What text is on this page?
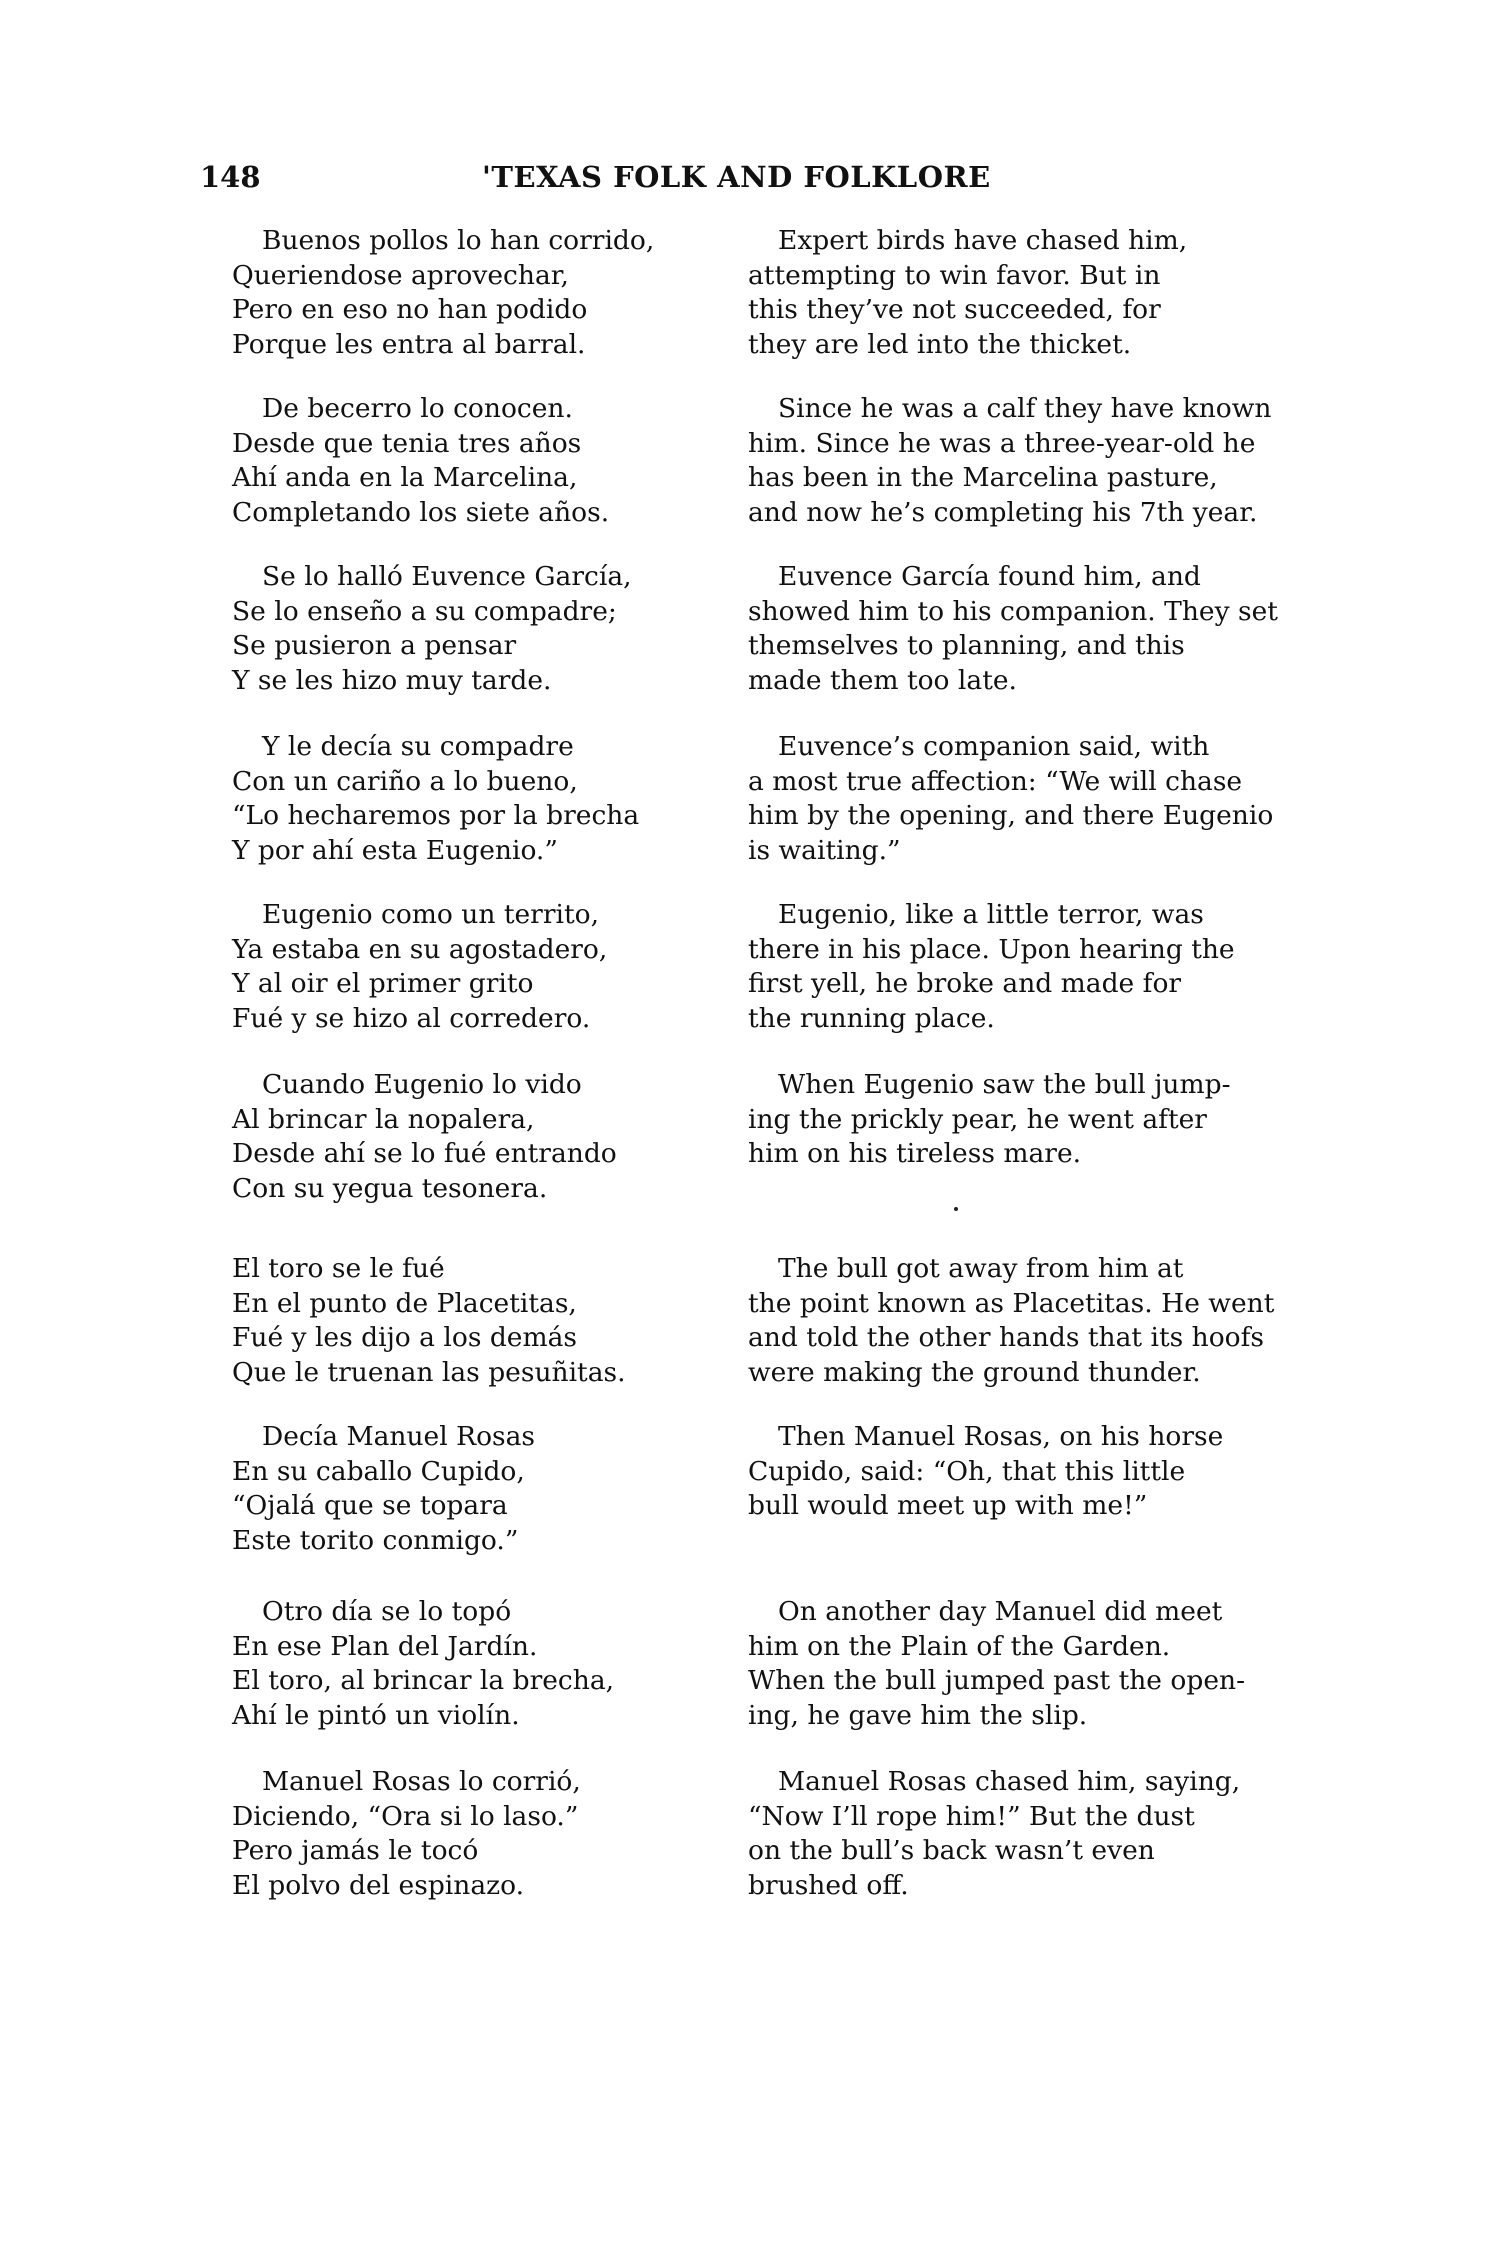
148	'TEXAS FOLK AND FOLKLORE
Buenos pollos lo han corrido,
Queriendose aprovechar,
Pero en eso no han podido
Porque les entra al barral.
De becerro lo conocen.
Desde que tenia tres años
Ahí anda en la Marcelina,
Completando los siete años.
Se lo halló Euvence García,
Se lo enseño a su compadre;
Se pusieron a pensar
Y se les hizo muy tarde.
Y le decía su compadre
Con un cariño a lo bueno,
“Lo hecharemos por la brecha
Y por ahí esta Eugenio.”
Eugenio como un territo,
Ya estaba en su agostadero,
Y al oir el primer grito
Fué y se hizo al corredero.
Cuando Eugenio lo vido
Al brincar la nopalera,
Desde ahí se lo fué entrando
Con su yegua tesonera.
El toro se le fué
En el punto de Placetitas,
Fué y les dijo a los demás
Que le truenan las pesuñitas.
Decía Manuel Rosas
En su caballo Cupido,
“Ojalá que se topara
Este torito conmigo.”
Otro día se lo topó
En ese Plan del Jardín.
El toro, al brincar la brecha,
Ahí le pintó un violín.
Manuel Rosas lo corrió,
Diciendo, “Ora si lo laso.”
Pero jamás le tocó
El polvo del espinazo.
Expert birds have chased him,
attempting to win favor. But in
this they’ve not succeeded, for
they are led into the thicket.
Since he was a calf they have known
him. Since he was a three-year-old he
has been in the Marcelina pasture,
and now he’s completing his 7th year.
Euvence García found him, and
showed him to his companion. They set
themselves to planning, and this
made them too late.
Euvence’s companion said, with
a most true affection: “We will chase
him by the opening, and there Eugenio
is waiting.”
Eugenio, like a little terror, was
there in his place. Upon hearing the
first yell, he broke and made for
the running place.
When Eugenio saw the bull jump-
ing the prickly pear, he went after
him on his tireless mare.
The bull got away from him at
the point known as Placetitas. He went
and told the other hands that its hoofs
were making the ground thunder.
Then Manuel Rosas, on his horse
Cupido, said: “Oh, that this little
bull would meet up with me!”
On another day Manuel did meet
him on the Plain of the Garden.
When the bull jumped past the open-
ing, he gave him the slip.
Manuel Rosas chased him, saying,
“Now I’ll rope him!” But the dust
on the bull’s back wasn’t even
brushed off.
